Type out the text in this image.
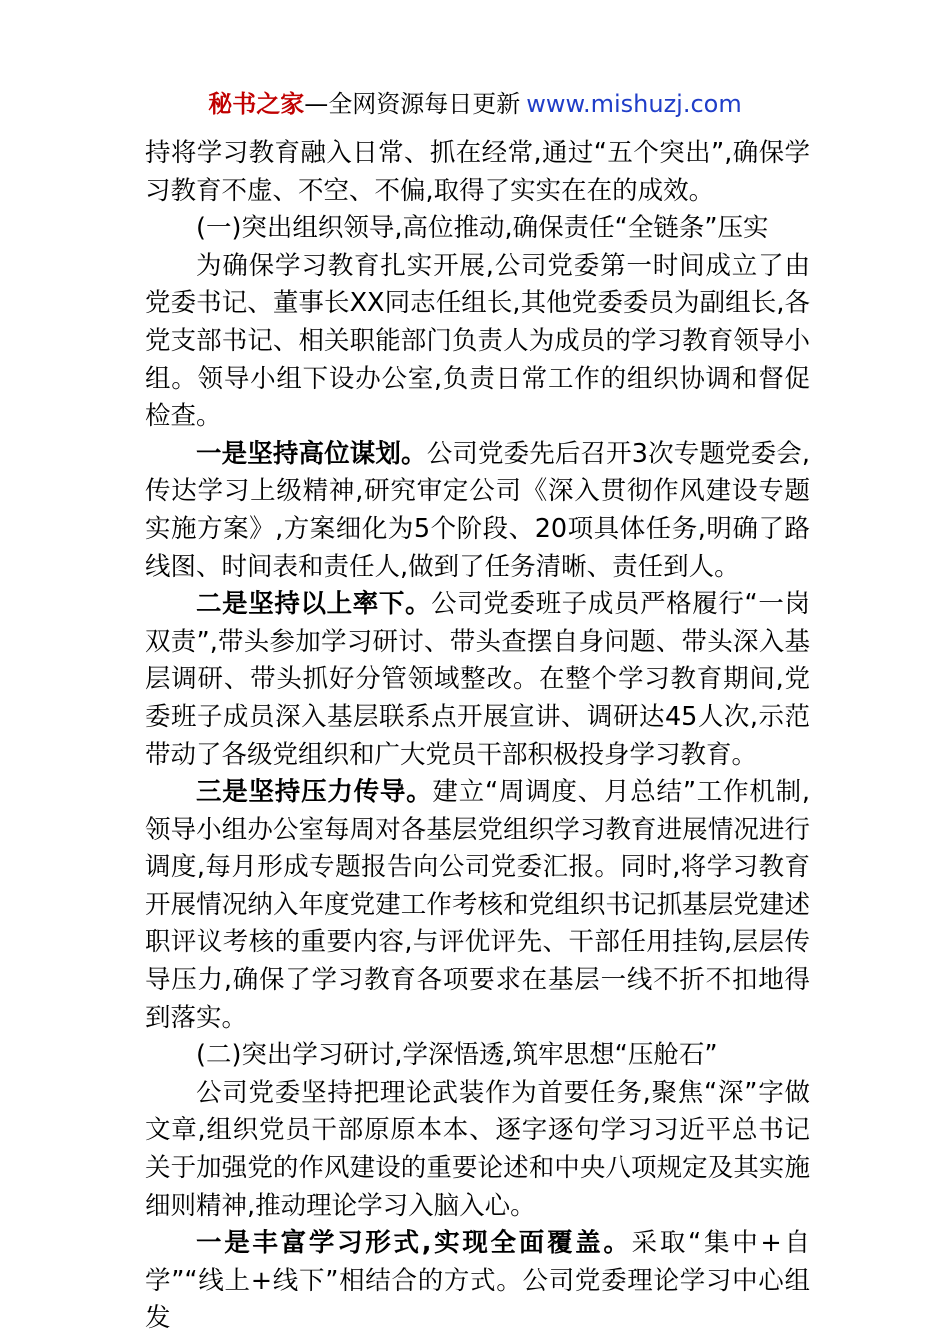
秘书之家—全网资源每日更新 www.mishuzj.com

持将学习教育融入日常、抓在经常,通过“五个突出”,确保学习教育不虚、不空、不偏,取得了实实在在的成效。

(一)突出组织领导,高位推动,确保责任“全链条”压实

为确保学习教育扎实开展,公司党委第一时间成立了由党委书记、董事长XX同志任组长,其他党委委员为副组长,各党支部书记、相关职能部门负责人为成员的学习教育领导小组。领导小组下设办公室,负责日常工作的组织协调和督促检查。

一是坚持高位谋划。公司党委先后召开3次专题党委会,传达学习上级精神,研究审定公司《深入贯彻作风建设专题实施方案》,方案细化为5个阶段、20项具体任务,明确了路线图、时间表和责任人,做到了任务清晰、责任到人。

二是坚持以上率下。公司党委班子成员严格履行“一岗双责”,带头参加学习研讨、带头查摆自身问题、带头深入基层调研、带头抓好分管领域整改。在整个学习教育期间,党委班子成员深入基层联系点开展宣讲、调研达45人次,示范带动了各级党组织和广大党员干部积极投身学习教育。

三是坚持压力传导。建立“周调度、月总结”工作机制,领导小组办公室每周对各基层党组织学习教育进展情况进行调度,每月形成专题报告向公司党委汇报。同时,将学习教育开展情况纳入年度党建工作考核和党组织书记抓基层党建述职评议考核的重要内容,与评优评先、干部任用挂钩,层层传导压力,确保了学习教育各项要求在基层一线不折不扣地得到落实。

(二)突出学习研讨,学深悟透,筑牢思想“压舱石”

公司党委坚持把理论武装作为首要任务,聚焦“深”字做文章,组织党员干部原原本本、逐字逐句学习习近平总书记关于加强党的作风建设的重要论述和中央八项规定及其实施细则精神,推动理论学习入脑入心。

一是丰富学习形式,实现全面覆盖。采取“集中+自学”“线上+线下”相结合的方式。公司党委理论学习中心组发
